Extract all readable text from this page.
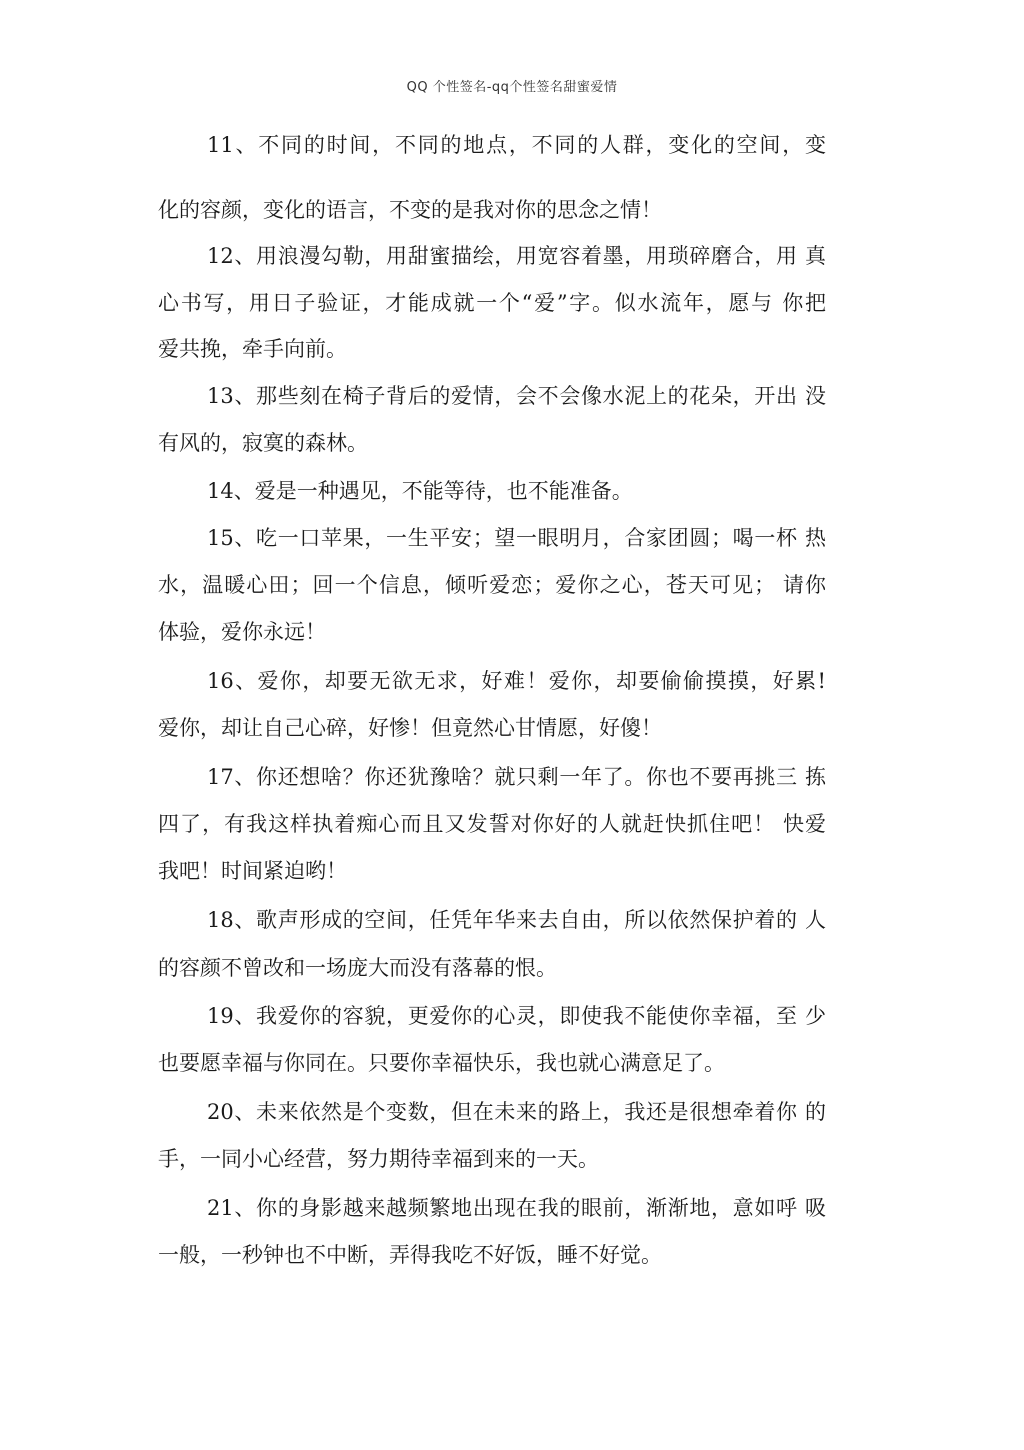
QQ 个性签名-qq个性签名甜蜜爱情
11、不同的时间，不同的地点，不同的人群，变化的空间，变
化的容颜，变化的语言，不变的是我对你的思念之情！
12、用浪漫勾勒，用甜蜜描绘，用宽容着墨，用琐碎磨合，用 真
心书写，用日子验证，才能成就一个“爱”字。似水流年，愿与 你把
爱共挽，牵手向前。
13、那些刻在椅子背后的爱情，会不会像水泥上的花朵，开出 没
有风的，寂寞的森林。
14、爱是一种遇见，不能等待，也不能准备。
15、吃一口苹果，一生平安；望一眼明月，合家团圆；喝一杯 热
水，温暖心田；回一个信息，倾听爱恋；爱你之心，苍天可见； 请你
体验，爱你永远！
16、爱你，却要无欲无求，好难！爱你，却要偷偷摸摸，好累!
爱你，却让自己心碎，好惨！但竟然心甘情愿，好傻！
17、你还想啥？你还犹豫啥？就只剩一年了。你也不要再挑三 拣
四了，有我这样执着痴心而且又发誓对你好的人就赶快抓住吧！ 快爱
我吧！时间紧迫哟！
18、歌声形成的空间，任凭年华来去自由，所以依然保护着的 人
的容颜不曾改和一场庞大而没有落幕的恨。
19、我爱你的容貌，更爱你的心灵，即使我不能使你幸福，至 少
也要愿幸福与你同在。只要你幸福快乐，我也就心满意足了。
20、未来依然是个变数，但在未来的路上，我还是很想牵着你 的
手，一同小心经营，努力期待幸福到来的一天。
21、你的身影越来越频繁地出现在我的眼前，渐渐地，意如呼 吸
一般，一秒钟也不中断，弄得我吃不好饭，睡不好觉。
